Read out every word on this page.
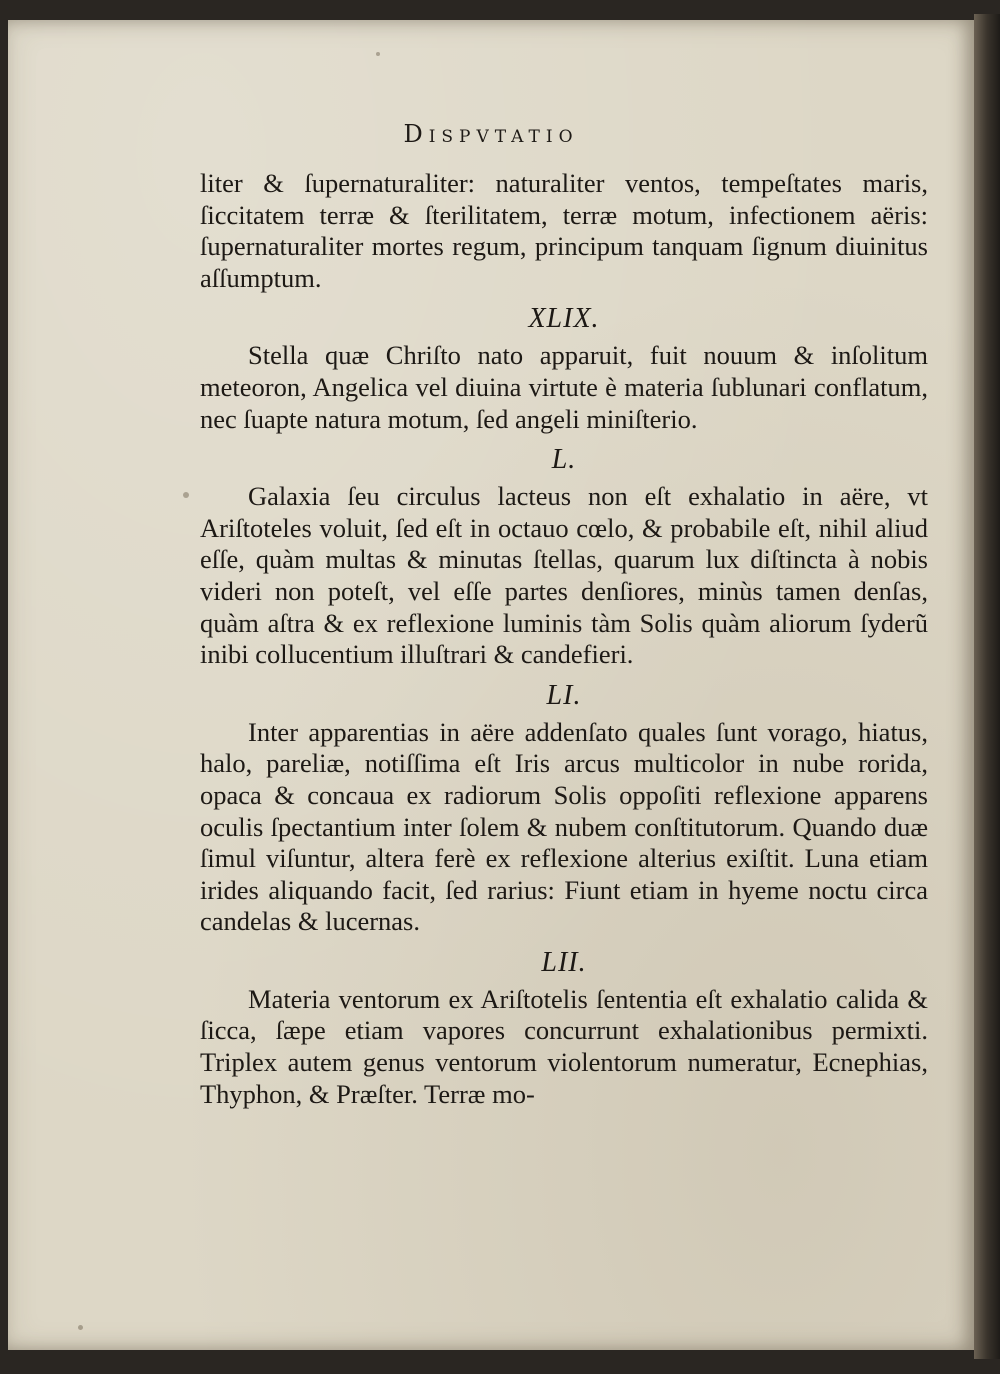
Dispvtatio

liter & ſupernaturaliter: naturaliter ventos, tempeſtates maris, ſiccitatem terræ & ſterilitatem, terræ motum, infectionem aëris: ſupernaturaliter mortes regum, principum tanquam ſignum diuinitus aſſumptum.

XLIX.

Stella quæ Chriſto nato apparuit, fuit nouum & inſolitum meteoron, Angelica vel diuina virtute è materia ſublunari conflatum, nec ſuapte natura motum, ſed angeli miniſterio.

L.

Galaxia ſeu circulus lacteus non eſt exhalatio in aëre, vt Ariſtoteles voluit, ſed eſt in octauo cœlo, & probabile eſt, nihil aliud eſſe, quàm multas & minutas ſtellas, quarum lux diſtincta à nobis videri non poteſt, vel eſſe partes denſiores, minùs tamen denſas, quàm aſtra & ex reflexione luminis tàm Solis quàm aliorum ſyderũ inibi collucentium illuſtrari & candefieri.

LI.

Inter apparentias in aëre addenſato quales ſunt vorago, hiatus, halo, pareliæ, notiſſima eſt Iris arcus multicolor in nube rorida, opaca & concaua ex radiorum Solis oppoſiti reflexione apparens oculis ſpectantium inter ſolem & nubem conſtitutorum. Quando duæ ſimul viſuntur, altera ferè ex reflexione alterius exiſtit. Luna etiam irides aliquando facit, ſed rarius: Fiunt etiam in hyeme noctu circa candelas & lucernas.

LII.

Materia ventorum ex Ariſtotelis ſententia eſt exhalatio calida & ſicca, ſæpe etiam vapores concurrunt exhalationibus permixti. Triplex autem genus ventorum violentorum numeratur, Ecnephias, Thyphon, & Præſter. Terræ mo-
